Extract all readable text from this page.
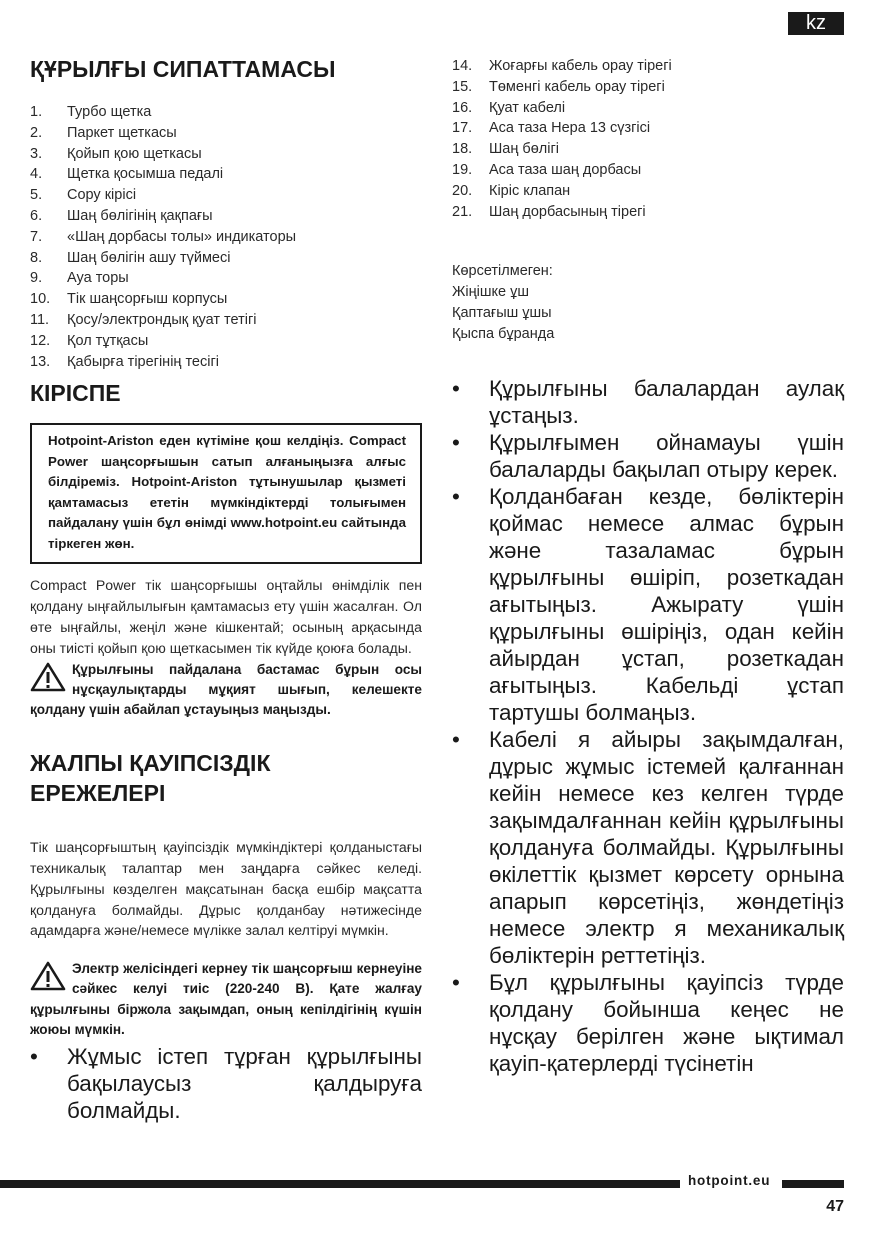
kz
ҚҰРЫЛҒЫ СИПАТТАМАСЫ
1.	Турбо щетка
2.	Паркет щеткасы
3.	Қойып қою щеткасы
4.	Щетка қосымша педалі
5.	Сору кірісі
6.	Шаң бөлігінің қақпағы
7.	«Шаң дорбасы толы» индикаторы
8.	Шаң бөлігін ашу түймесі
9.	Ауа торы
10.	Тік шаңсорғыш корпусы
11.	Қосу/электрондық қуат тетігі
12.	Қол тұтқасы
13.	Қабырға тірегінің тесігі
КІРІСПЕ
Hotpoint-Ariston еден күтіміне қош келдіңіз. Compact Power шаңсорғышын сатып алғаныңызға алғыс білдіреміз. Hotpoint-Ariston тұтынушылар қызметі қамтамасыз ететін мүмкіндіктерді толығымен пайдалану үшін бұл өнімді www.hotpoint.eu сайтында тіркеген жөн.

Compact Power тік шаңсорғышы оңтайлы өнімділік пен қолдану ыңғайлылығын қамтамасыз ету үшін жасалған. Ол өте ыңғайлы, жеңіл және кішкентай; осының арқасында оны тиісті қойып қою щеткасымен тік күйде қоюға болады.

Құрылғыны пайдалана бастамас бұрын осы нұсқаулықтарды мұқият шығып, келешекте қолдану үшін абайлап ұстауыңыз маңызды.

ЖАЛПЫ ҚАУІПСІЗДІК
ЕРЕЖЕЛЕРІ

Тік шаңсорғыштың қауіпсіздік мүмкіндіктері қолданыстағы техникалық талаптар мен заңдарға сәйкес келеді. Құрылғыны көзделген мақсатынан басқа ешбір мақсатта қолдануға болмайды. Дұрыс қолданбау нәтижесінде адамдарға және/немесе мүлікке залал келтіруі мүмкін.

Электр желісіндегі кернеу тік шаңсорғыш кернеуіне сәйкес келуі тиіс (220-240 В). Қате жалғау құрылғыны біржола зақымдап, оның кепілдігінің күшін жоюы мүмкін.

• Жұмыс істеп тұрған құрылғыны бақылаусыз қалдыруға болмайды.
14.	Жоғарғы кабель орау тірегі
15.	Төменгі кабель орау тірегі
16.	Қуат кабелі
17.	Аса таза Нера 13 сүзгісі
18.	Шаң бөлігі
19.	Аса таза шаң дорбасы
20.	Кіріс клапан
21.	Шаң дорбасының тірегі
Көрсетілмеген:
Жіңішке ұш
Қаптағыш ұшы
Қыспа бұранда
• Құрылғыны балалардан аулақ ұстаңыз.
• Құрылғымен ойнамауы үшін балаларды бақылап отыру керек.
• Қолданбаған кезде, бөліктерін қоймас немесе алмас бұрын және тазаламас бұрын құрылғыны өшіріп, розеткадан ағытыңыз. Ажырату үшін құрылғыны өшіріңіз, одан кейін айырдан ұстап, розеткадан ағытыңыз. Кабельді ұстап тартушы болмаңыз.
• Кабелі я айыры зақымдалған, дұрыс жұмыс істемей қалғаннан кейін немесе кез келген түрде зақымдалғаннан кейін құрылғыны қолдануға болмайды. Құрылғыны өкілеттік қызмет көрсету орнына апарып көрсетіңіз, жөндетіңіз немесе электр я механикалық бөліктерін реттетіңіз.
• Бұл құрылғыны қауіпсіз түрде қолдану бойынша кеңес не нұсқау берілген және ықтимал қауіп-қатерлерді түсінетін
hotpoint.eu
47
